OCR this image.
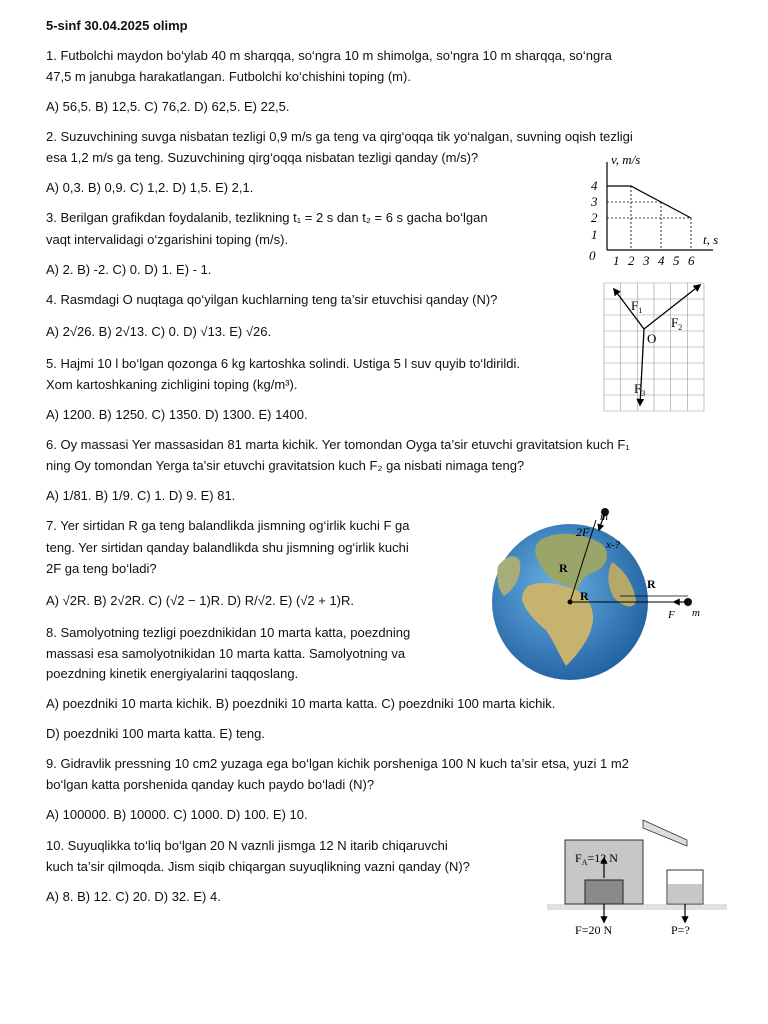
5-sinf 30.04.2025 olimp
1. Futbolchi maydon bo‘ylab 40 m sharqqa, so‘ngra 10 m shimolga, so‘ngra 10 m sharqqa, so‘ngra
47,5 m janubga harakatlangan. Futbolchi ko‘chishini toping (m).
A) 56,5. B) 12,5. C) 76,2. D) 62,5. E) 22,5.
2. Suzuvchining suvga nisbatan tezligi 0,9 m/s ga teng va qirg‘oqqa tik yo‘nalgan, suvning oqish tezligi
esa 1,2 m/s ga teng. Suzuvchining qirg‘oqqa nisbatan tezligi qanday (m/s)?
A) 0,3. B) 0,9. C) 1,2. D) 1,5. E) 2,1.
3. Berilgan grafikdan foydalanib, tezlikning t₁ = 2 s dan t₂ = 6 s gacha bo‘lgan
vaqt intervalidagi o‘zgarishini toping (m/s).
A) 2. B) -2. C) 0. D) 1. E) - 1.
4. Rasmdagi O nuqtaga qo‘yilgan kuchlarning teng ta’sir etuvchisi qanday (N)?
A) 2√26. B) 2√13. C) 0. D) √13. E) √26.
5. Hajmi 10 l bo‘lgan qozonga 6 kg kartoshka solindi. Ustiga 5 l suv quyib to‘ldirildi.
Xom kartoshkaning zichligini toping (kg/m³).
A) 1200. B) 1250. C) 1350. D) 1300. E) 1400.
6. Oy massasi Yer massasidan 81 marta kichik. Yer tomondan Oyga ta’sir etuvchi gravitatsion kuch F₁
ning Oy tomondan Yerga ta’sir etuvchi gravitatsion kuch F₂ ga nisbati nimaga teng?
A) 1/81. B) 1/9. C) 1. D) 9. E) 81.
7. Yer sirtidan R ga teng balandlikda jismning og‘irlik kuchi F ga
teng. Yer sirtidan qanday balandlikda shu jismning og‘irlik kuchi
2F ga teng bo‘ladi?
A) √2R. B) 2√2R. C) (√2 − 1)R. D) R/√2. E) (√2 + 1)R.
8. Samolyotning tezligi poezdnikidan 10 marta katta, poezdning
massasi esa samolyotnikidan 10 marta katta. Samolyotning va
poezdning kinetik energiyalarini taqqoslang.
A) poezdniki 10 marta kichik. B) poezdniki 10 marta katta. C) poezdniki 100 marta kichik.
D) poezdniki 100 marta katta. E) teng.
9. Gidravlik pressning 10 cm2 yuzaga ega bo‘lgan kichik porsheniga 100 N kuch ta’sir etsa, yuzi 1 m2
bo‘lgan katta porshenida qanday kuch paydo bo‘ladi (N)?
A) 100000. B) 10000. C) 1000. D) 100. E) 10.
10. Suyuqlikka to‘liq bo‘lgan 20 N vaznli jismga 12 N itarib chiqaruvchi
kuch ta’sir qilmoqda. Jism siqib chiqargan suyuqlikning vazni qanday (N)?
A) 8. B) 12. C) 20. D) 32. E) 4.
v, m/s
t, s
4
3
2
1
0 1 2 3 4 5 6
$F_1$
$F_2$
$F_3$
O
m
2F
x-?
R
R
R
F m
$F_A=12$ N
F=20 N	P=?
